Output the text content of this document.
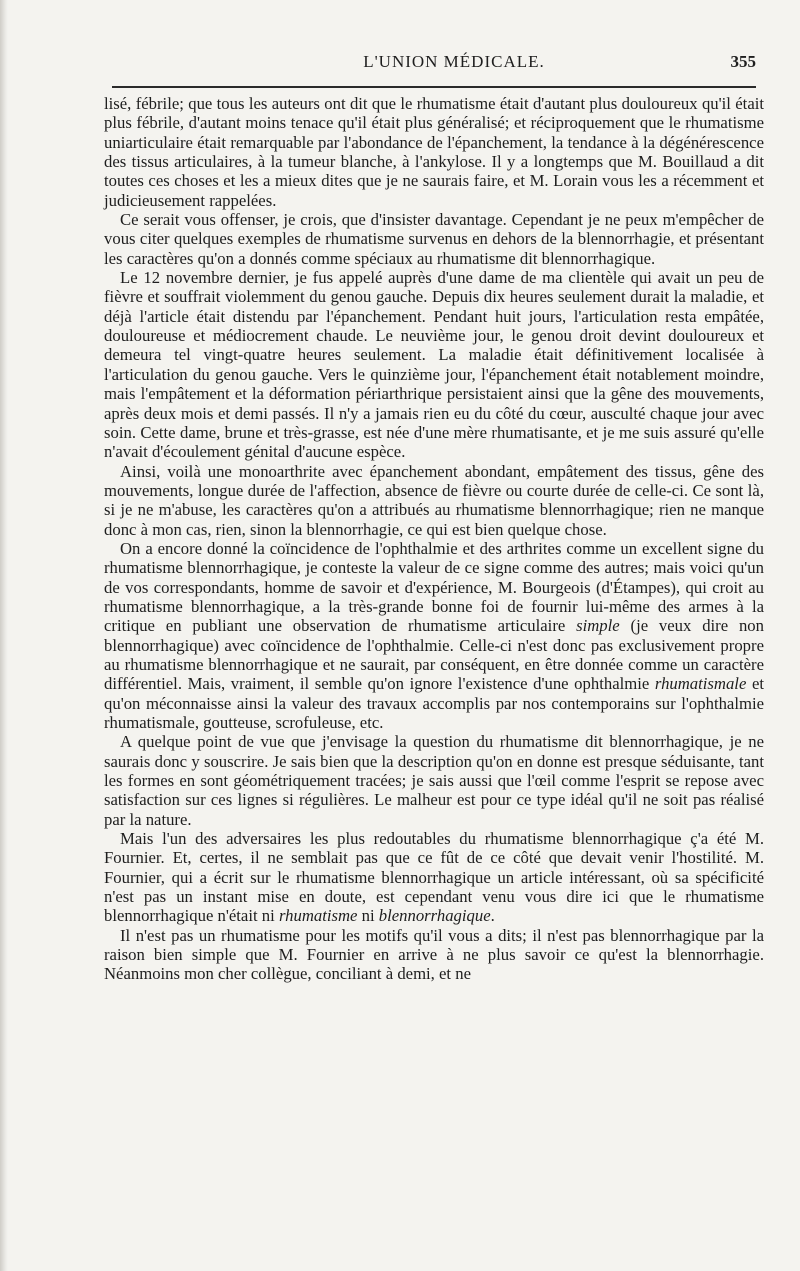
L'UNION MÉDICALE.	355

lisé, fébrile; que tous les auteurs ont dit que le rhumatisme était d'autant plus douloureux qu'il était plus fébrile, d'autant moins tenace qu'il était plus généralisé; et réciproquement que le rhumatisme uniarticulaire était remarquable par l'abondance de l'épanchement, la tendance à la dégénérescence des tissus articulaires, à la tumeur blanche, à l'ankylose. Il y a longtemps que M. Bouillaud a dit toutes ces choses et les a mieux dites que je ne saurais faire, et M. Lorain vous les a récemment et judicieusement rappelées.

Ce serait vous offenser, je crois, que d'insister davantage. Cependant je ne peux m'empêcher de vous citer quelques exemples de rhumatisme survenus en dehors de la blennorrhagie, et présentant les caractères qu'on a donnés comme spéciaux au rhumatisme dit blennorrhagique.

Le 12 novembre dernier, je fus appelé auprès d'une dame de ma clientèle qui avait un peu de fièvre et souffrait violemment du genou gauche. Depuis dix heures seulement durait la maladie, et déjà l'article était distendu par l'épanchement. Pendant huit jours, l'articulation resta empâtée, douloureuse et médiocrement chaude. Le neuvième jour, le genou droit devint douloureux et demeura tel vingt-quatre heures seulement. La maladie était définitivement localisée à l'articulation du genou gauche. Vers le quinzième jour, l'épanchement était notablement moindre, mais l'empâtement et la déformation périarthrique persistaient ainsi que la gêne des mouvements, après deux mois et demi passés. Il n'y a jamais rien eu du côté du cœur, ausculté chaque jour avec soin. Cette dame, brune et très-grasse, est née d'une mère rhumatisante, et je me suis assuré qu'elle n'avait d'écoulement génital d'aucune espèce.

Ainsi, voilà une monoarthrite avec épanchement abondant, empâtement des tissus, gêne des mouvements, longue durée de l'affection, absence de fièvre ou courte durée de celle-ci. Ce sont là, si je ne m'abuse, les caractères qu'on a attribués au rhumatisme blennorrhagique; rien ne manque donc à mon cas, rien, sinon la blennorrhagie, ce qui est bien quelque chose.

On a encore donné la coïncidence de l'ophthalmie et des arthrites comme un excellent signe du rhumatisme blennorrhagique, je conteste la valeur de ce signe comme des autres; mais voici qu'un de vos correspondants, homme de savoir et d'expérience, M. Bourgeois (d'Étampes), qui croit au rhumatisme blennorrhagique, a la très-grande bonne foi de fournir lui-même des armes à la critique en publiant une observation de rhumatisme articulaire simple (je veux dire non blennorrhagique) avec coïncidence de l'ophthalmie. Celle-ci n'est donc pas exclusivement propre au rhumatisme blennorrhagique et ne saurait, par conséquent, en être donnée comme un caractère différentiel. Mais, vraiment, il semble qu'on ignore l'existence d'une ophthalmie rhumatismale et qu'on méconnaisse ainsi la valeur des travaux accomplis par nos contemporains sur l'ophthalmie rhumatismale, goutteuse, scrofuleuse, etc.

A quelque point de vue que j'envisage la question du rhumatisme dit blennorrhagique, je ne saurais donc y souscrire. Je sais bien que la description qu'on en donne est presque séduisante, tant les formes en sont géométriquement tracées; je sais aussi que l'œil comme l'esprit se repose avec satisfaction sur ces lignes si régulières. Le malheur est pour ce type idéal qu'il ne soit pas réalisé par la nature.

Mais l'un des adversaires les plus redoutables du rhumatisme blennorrhagique ç'a été M. Fournier. Et, certes, il ne semblait pas que ce fût de ce côté que devait venir l'hostilité. M. Fournier, qui a écrit sur le rhumatisme blennorrhagique un article intéressant, où sa spécificité n'est pas un instant mise en doute, est cependant venu vous dire ici que le rhumatisme blennorrhagique n'était ni rhumatisme ni blennorrhagique.

Il n'est pas un rhumatisme pour les motifs qu'il vous a dits; il n'est pas blennorrhagique par la raison bien simple que M. Fournier en arrive à ne plus savoir ce qu'est la blennorrhagie. Néanmoins mon cher collègue, conciliant à demi, et ne
